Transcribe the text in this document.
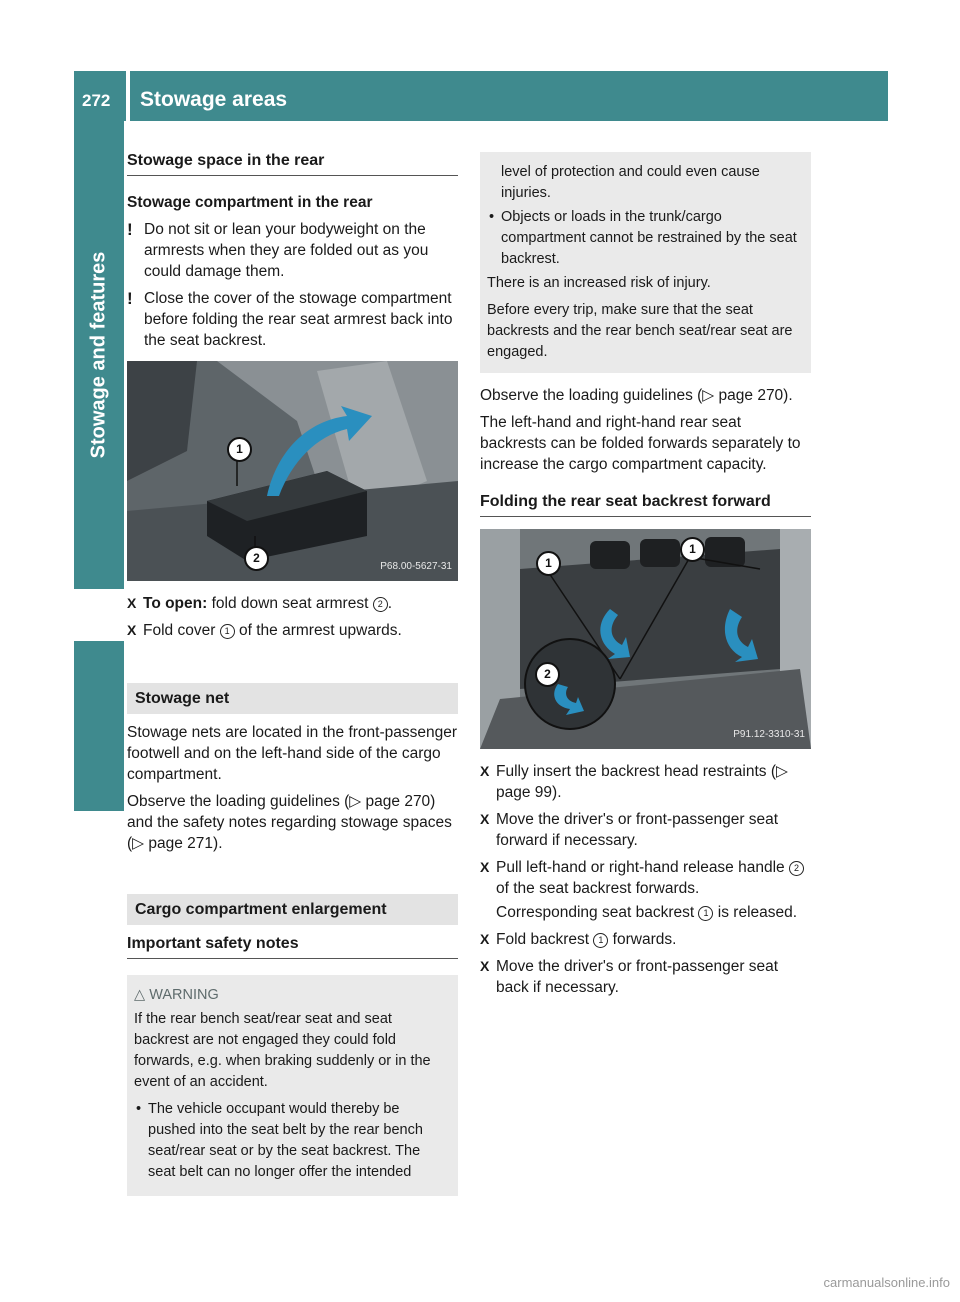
272	Stowage areas
Stowage and features
Stowage space in the rear
Stowage compartment in the rear
! Do not sit or lean your bodyweight on the armrests when they are folded out as you could damage them.
! Close the cover of the stowage compartment before folding the rear seat armrest back into the seat backrest.
1
2
P68.00-5627-31
X To open: fold down seat armrest 2 .
X Fold cover 1 of the armrest upwards.
Stowage net

Stowage nets are located in the front-passenger footwell and on the left-hand side of the cargo compartment.

Observe the loading guidelines (▷ page 270) and the safety notes regarding stowage spaces (▷ page 271).

Cargo compartment enlargement
Important safety notes
△ WARNING

If the rear bench seat/rear seat and seat backrest are not engaged they could fold forwards, e.g. when braking suddenly or in the event of an accident.

• The vehicle occupant would thereby be pushed into the seat belt by the rear bench seat/rear seat or by the seat backrest. The seat belt can no longer offer the intended
level of protection and could even cause injuries.
• Objects or loads in the trunk/cargo compartment cannot be restrained by the seat backrest.

There is an increased risk of injury.

Before every trip, make sure that the seat backrests and the rear bench seat/rear seat are engaged.

Observe the loading guidelines (▷ page 270).

The left-hand and right-hand rear seat backrests can be folded forwards separately to increase the cargo compartment capacity.

Folding the rear seat backrest forward
1
1
2
P91.12-3310-31
X Fully insert the backrest head restraints (▷ page 99).
X Move the driver's or front-passenger seat forward if necessary.
X Pull left-hand or right-hand release handle 2 of the seat backrest forwards.
Corresponding seat backrest 1 is released.
X Fold backrest 1 forwards.
X Move the driver's or front-passenger seat back if necessary.
carmanualsonline.info
